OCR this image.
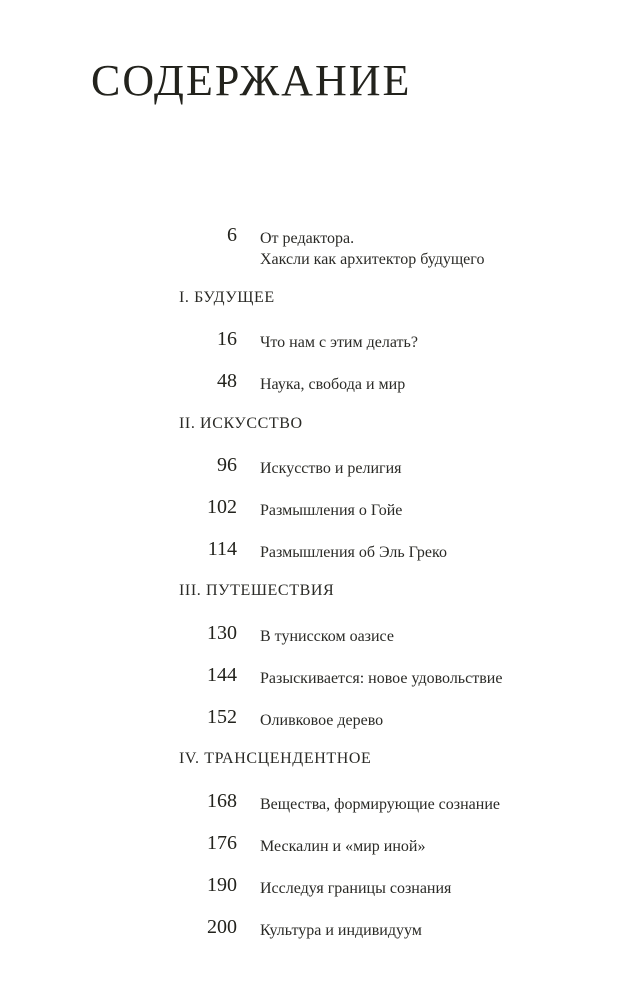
СОДЕРЖАНИЕ
6 От редактора.
Хаксли как архитектор будущего
I. БУДУЩЕЕ
16 Что нам с этим делать?
48 Наука, свобода и мир
II. ИСКУССТВО
96 Искусство и религия
102 Размышления о Гойе
114 Размышления об Эль Греко
III. ПУТЕШЕСТВИЯ
130 В тунисском оазисе
144 Разыскивается: новое удовольствие
152 Оливковое дерево
IV. ТРАНСЦЕНДЕНТНОЕ
168 Вещества, формирующие сознание
176 Мескалин и «мир иной»
190 Исследуя границы сознания
200 Культура и индивидуум
